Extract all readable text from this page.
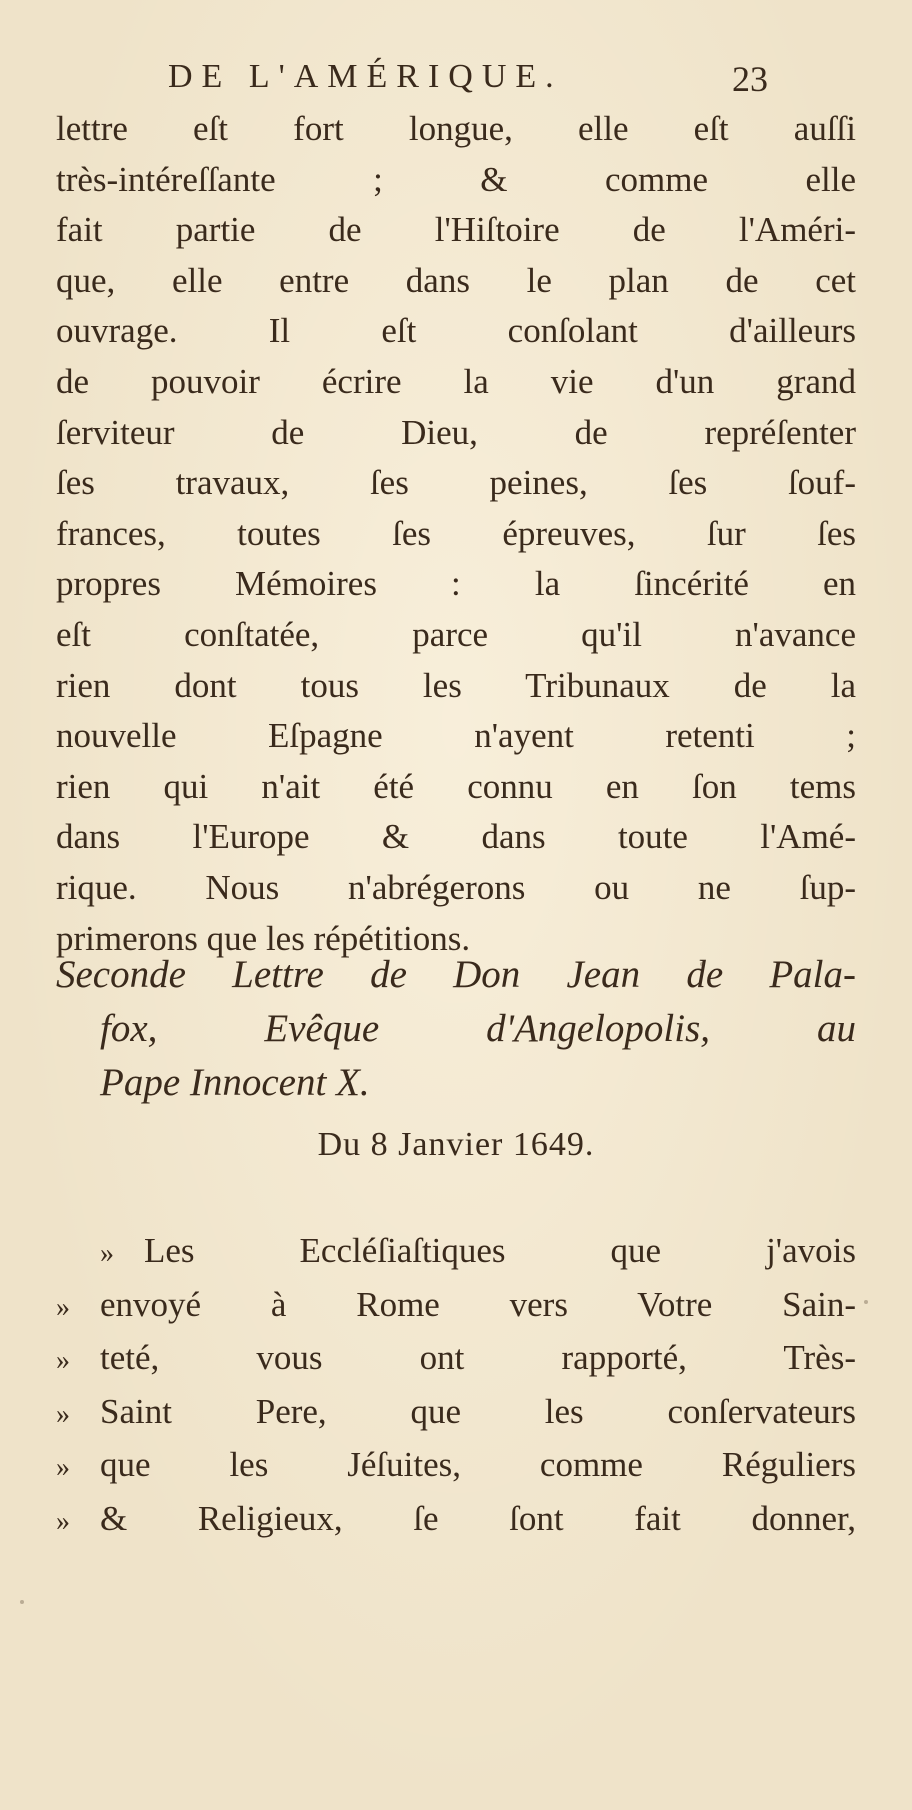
DE L'AMÉRIQUE.	23
lettre eſt fort longue, elle eſt auſſi
très-intéreſſante ; & comme elle
fait partie de l'Hiſtoire de l'Améri-
que, elle entre dans le plan de cet
ouvrage. Il eſt conſolant d'ailleurs
de pouvoir écrire la vie d'un grand
ſerviteur de Dieu, de repréſenter
ſes travaux, ſes peines, ſes ſouf-
frances, toutes ſes épreuves, ſur ſes
propres Mémoires : la ſincérité en
eſt conſtatée, parce qu'il n'avance
rien dont tous les Tribunaux de la
nouvelle Eſpagne n'ayent retenti ;
rien qui n'ait été connu en ſon tems
dans l'Europe & dans toute l'Amé-
rique. Nous n'abrégerons ou ne ſup-
primerons que les répétitions.
Seconde Lettre de Don Jean de Pala-
fox, Evêque d'Angelopolis, au
Pape Innocent X.
Du 8 Janvier 1649.
» Les Eccléſiaſtiques que j'avois
» envoyé à Rome vers Votre Sain-
» teté, vous ont rapporté, Très-
» Saint Pere, que les conſervateurs
» que les Jéſuites, comme Réguliers
» & Religieux, ſe ſont fait donner,
